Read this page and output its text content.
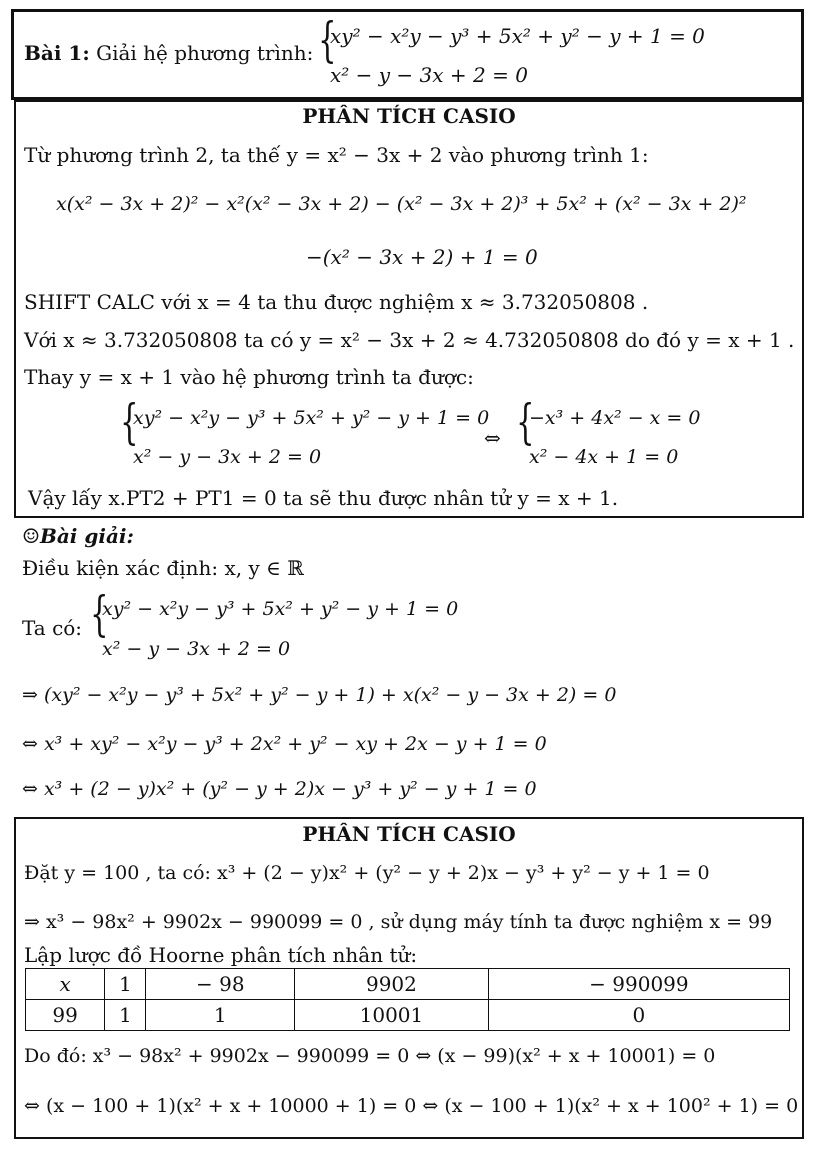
Bài 1: Giải hệ phương trình: {
xy² − x²y − y³ + 5x² + y² − y + 1 = 0
x² − y − 3x + 2 = 0
PHÂN TÍCH CASIO
Từ phương trình 2, ta thế y = x² − 3x + 2 vào phương trình 1:
x(x² − 3x + 2)² − x²(x² − 3x + 2) − (x² − 3x + 2)³ + 5x² + (x² − 3x + 2)²
−(x² − 3x + 2) + 1 = 0
SHIFT CALC với x = 4 ta thu được nghiệm x ≈ 3.732050808 .
Với x ≈ 3.732050808 ta có y = x² − 3x + 2 ≈ 4.732050808 do đó y = x + 1 .
Thay y = x + 1 vào hệ phương trình ta được:
{
xy² − x²y − y³ + 5x² + y² − y + 1 = 0
x² − y − 3x + 2 = 0
⇔ {
−x³ + 4x² − x = 0
x² − 4x + 1 = 0
Vậy lấy x.PT2 + PT1 = 0 ta sẽ thu được nhân tử y = x + 1.
☺Bài giải:
Điều kiện xác định: x, y ∈ ℝ
Ta có: {
xy² − x²y − y³ + 5x² + y² − y + 1 = 0
x² − y − 3x + 2 = 0
⇒ (xy² − x²y − y³ + 5x² + y² − y + 1) + x(x² − y − 3x + 2) = 0
⇔ x³ + xy² − x²y − y³ + 2x² + y² − xy + 2x − y + 1 = 0
⇔ x³ + (2 − y)x² + (y² − y + 2)x − y³ + y² − y + 1 = 0
PHÂN TÍCH CASIO
Đặt y = 100 , ta có: x³ + (2 − y)x² + (y² − y + 2)x − y³ + y² − y + 1 = 0
⇒ x³ − 98x² + 9902x − 990099 = 0 , sử dụng máy tính ta được nghiệm x = 99
Lập lược đồ Hoorne phân tích nhân tử:
x	1	− 98	9902	− 990099
99	1	1	10001	0
Do đó: x³ − 98x² + 9902x − 990099 = 0 ⇔ (x − 99)(x² + x + 10001) = 0
⇔ (x − 100 + 1)(x² + x + 10000 + 1) = 0 ⇔ (x − 100 + 1)(x² + x + 100² + 1) = 0
